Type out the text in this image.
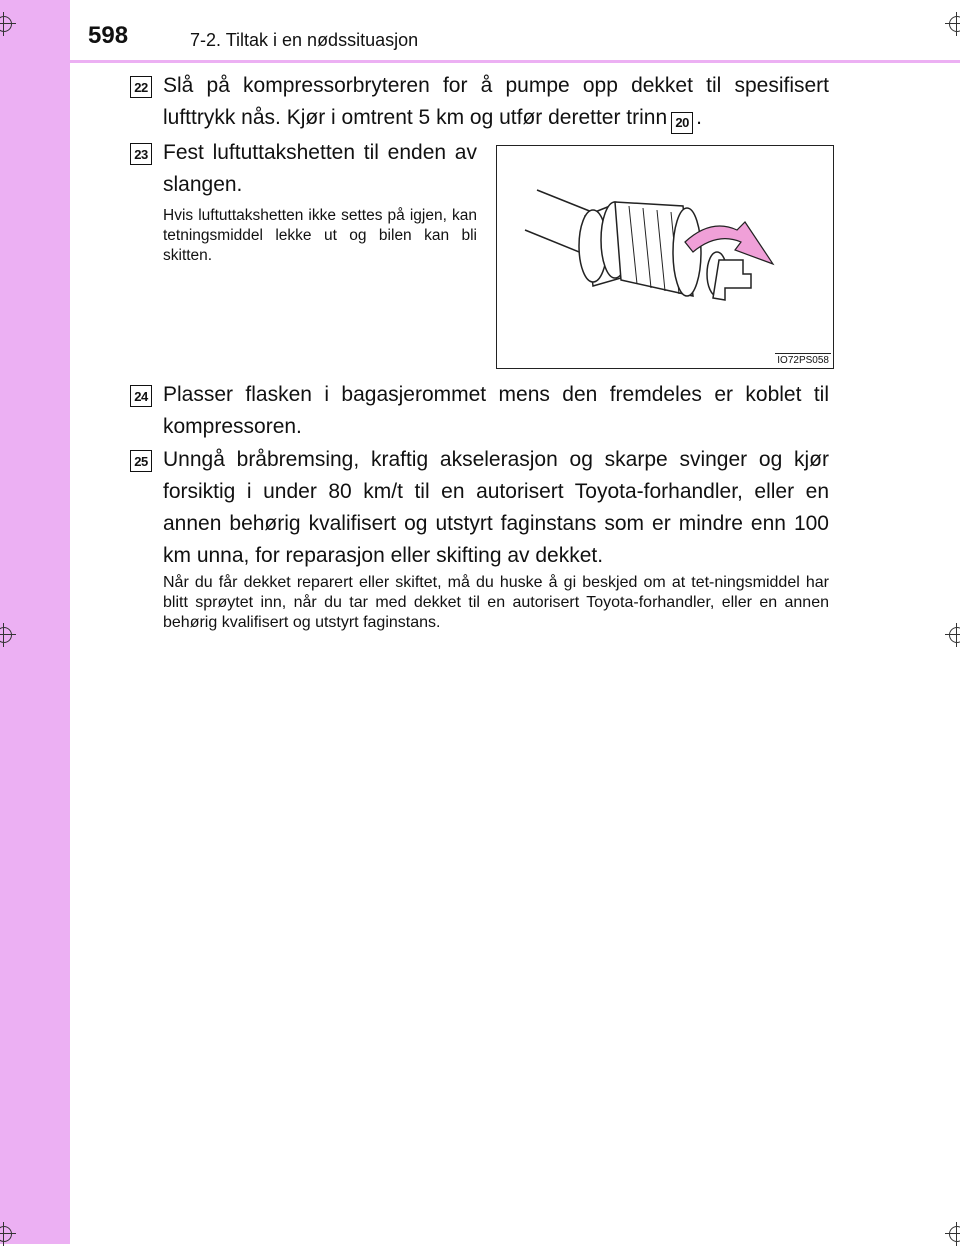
598	7-2. Tiltak i en nødssituasjon
22 Slå på kompressorbryteren for å pumpe opp dekket til spesifisert lufttrykk nås. Kjør i omtrent 5 km og utfør deretter trinn 20 .
23 Fest luftuttakshetten til enden av slangen.
Hvis luftuttakshetten ikke settes på igjen, kan tetningsmiddel lekke ut og bilen kan bli skitten.
IO72PS058
24 Plasser flasken i bagasjerommet mens den fremdeles er koblet til kompressoren.
25 Unngå bråbremsing, kraftig akselerasjon og skarpe svinger og kjør forsiktig i under 80 km/t til en autorisert Toyota-forhandler, eller en annen behørig kvalifisert og utstyrt faginstans som er mindre enn 100 km unna, for reparasjon eller skifting av dekket.
Når du får dekket reparert eller skiftet, må du huske å gi beskjed om at tet-ningsmiddel har blitt sprøytet inn, når du tar med dekket til en autorisert Toyota-forhandler, eller en annen behørig kvalifisert og utstyrt faginstans.
